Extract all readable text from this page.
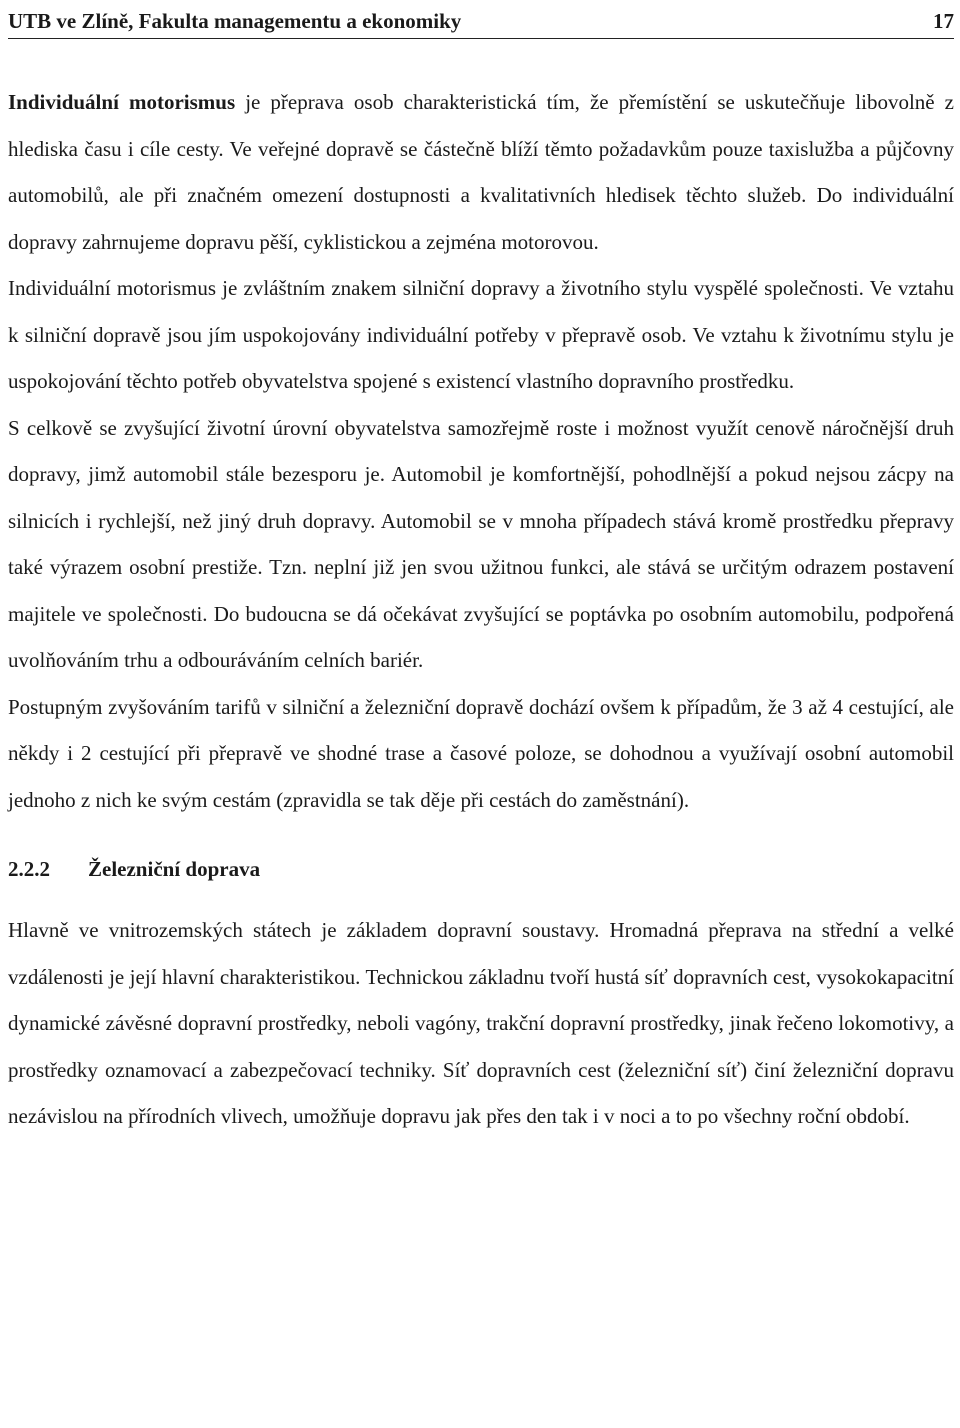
UTB ve Zlíně, Fakulta managementu a ekonomiky	17

Individuální motorismus je přeprava osob charakteristická tím, že přemístění se uskutečňuje libovolně z hlediska času i cíle cesty. Ve veřejné dopravě se částečně blíží těmto požadavkům pouze taxislužba a půjčovny automobilů, ale při značném omezení dostupnosti a kvalitativních hledisek těchto služeb. Do individuální dopravy zahrnujeme dopravu pěší, cyklistickou a zejména motorovou.

Individuální motorismus je zvláštním znakem silniční dopravy a životního stylu vyspělé společnosti. Ve vztahu k silniční dopravě jsou jím uspokojovány individuální potřeby v přepravě osob. Ve vztahu k životnímu stylu je uspokojování těchto potřeb obyvatelstva spojené s existencí vlastního dopravního prostředku.

S celkově se zvyšující životní úrovní obyvatelstva samozřejmě roste i možnost využít cenově náročnější druh dopravy, jimž automobil stále bezesporu je. Automobil je komfortnější, pohodlnější a pokud nejsou zácpy na silnicích i rychlejší, než jiný druh dopravy. Automobil se v mnoha případech stává kromě prostředku přepravy také výrazem osobní prestiže. Tzn. neplní již jen svou užitnou funkci, ale stává se určitým odrazem postavení majitele ve společnosti. Do budoucna se dá očekávat zvyšující se poptávka po osobním automobilu, podpořená uvolňováním trhu a odbouráváním celních bariér.

Postupným zvyšováním tarifů v silniční a železniční dopravě dochází ovšem k případům, že 3 až 4 cestující, ale někdy i 2 cestující při přepravě ve shodné trase a časové poloze, se dohodnou a využívají osobní automobil jednoho z nich ke svým cestám (zpravidla se tak děje při cestách do zaměstnání).

2.2.2	Železniční doprava

Hlavně ve vnitrozemských státech je základem dopravní soustavy. Hromadná přeprava na střední a velké vzdálenosti je její hlavní charakteristikou. Technickou základnu tvoří hustá síť dopravních cest, vysokokapacitní dynamické závěsné dopravní prostředky, neboli vagóny, trakční dopravní prostředky, jinak řečeno lokomotivy, a prostředky oznamovací a zabezpečovací techniky. Síť dopravních cest (železniční síť) činí železniční dopravu nezávislou na přírodních vlivech, umožňuje dopravu jak přes den tak i v noci a to po všechny roční období.
